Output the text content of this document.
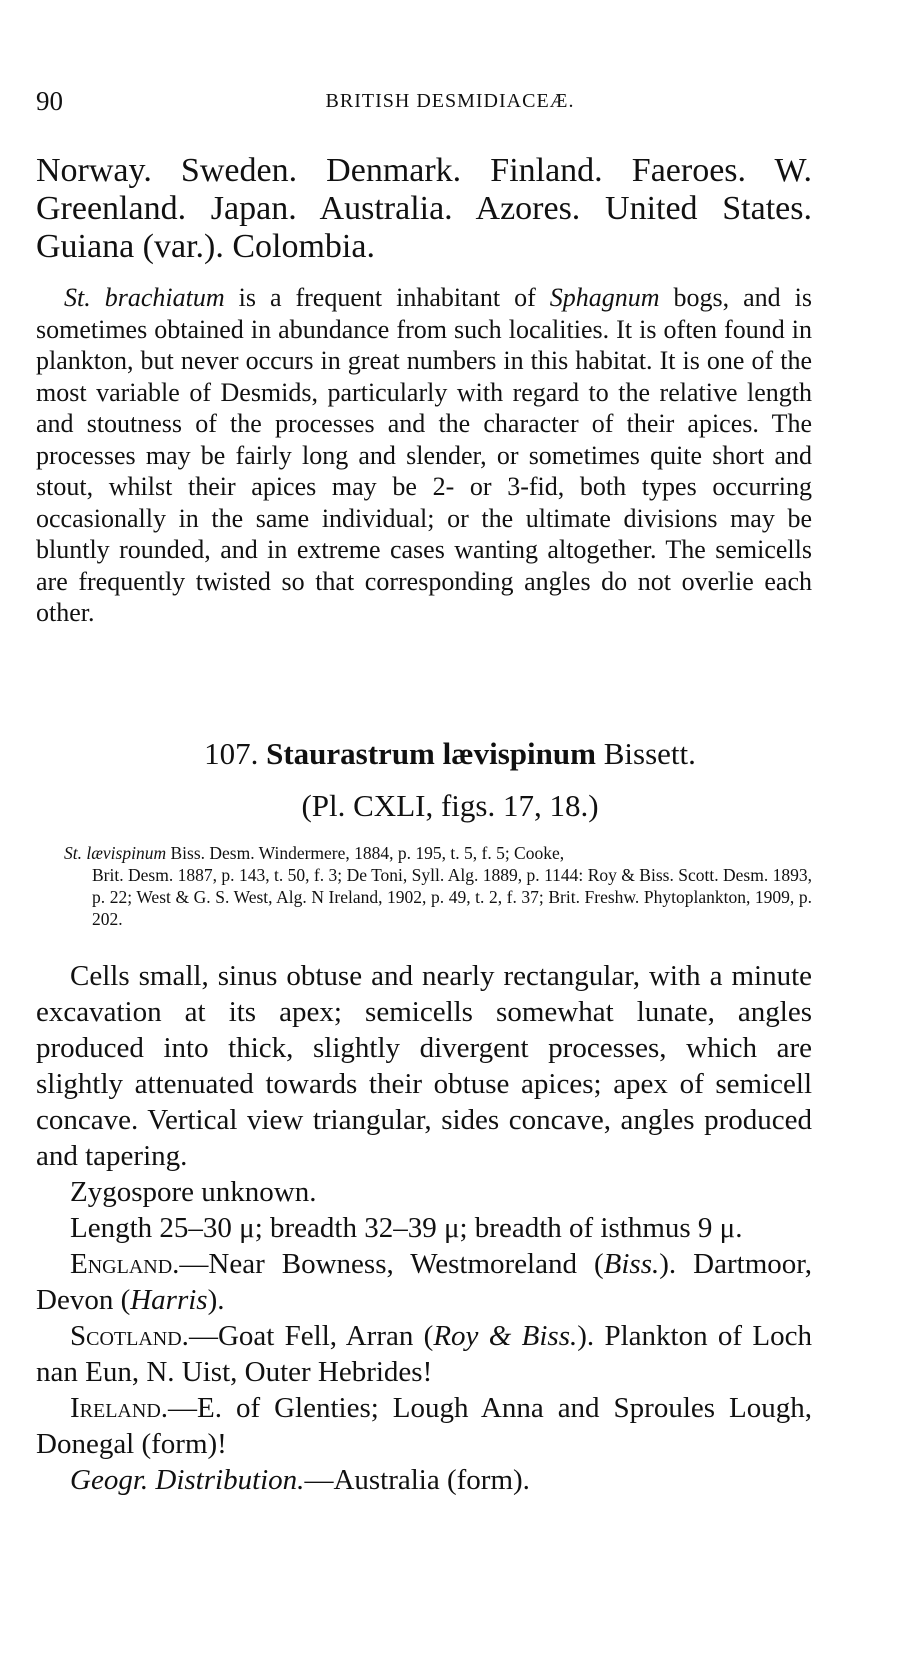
90	BRITISH DESMIDIACEÆ.
Norway. Sweden. Denmark. Finland. Faeroes. W. Greenland. Japan. Australia. Azores. United States. Guiana (var.). Colombia.
St. brachiatum is a frequent inhabitant of Sphagnum bogs, and is sometimes obtained in abundance from such localities. It is often found in plankton, but never occurs in great numbers in this habitat. It is one of the most variable of Desmids, particularly with regard to the relative length and stoutness of the processes and the character of their apices. The processes may be fairly long and slender, or sometimes quite short and stout, whilst their apices may be 2- or 3-fid, both types occurring occasionally in the same individual; or the ultimate divisions may be bluntly rounded, and in extreme cases wanting altogether. The semicells are frequently twisted so that corresponding angles do not overlie each other.
107. Staurastrum lævispinum Bissett.
(Pl. CXLI, figs. 17, 18.)
St. lævispinum Biss. Desm. Windermere, 1884, p. 195, t. 5, f. 5; Cooke,
Brit. Desm. 1887, p. 143, t. 50, f. 3; De Toni, Syll. Alg. 1889, p. 1144: Roy & Biss. Scott. Desm. 1893, p. 22; West & G. S. West, Alg. N Ireland, 1902, p. 49, t. 2, f. 37; Brit. Freshw. Phytoplankton, 1909, p. 202.

Cells small, sinus obtuse and nearly rectangular, with a minute excavation at its apex; semicells somewhat lunate, angles produced into thick, slightly divergent processes, which are slightly attenuated towards their obtuse apices; apex of semicell concave. Vertical view triangular, sides concave, angles produced and tapering.

Zygospore unknown.

Length 25–30 μ; breadth 32–39 μ; breadth of isthmus 9 μ.

England.—Near Bowness, Westmoreland (Biss.). Dartmoor, Devon (Harris).

Scotland.—Goat Fell, Arran (Roy & Biss.). Plankton of Loch nan Eun, N. Uist, Outer Hebrides!

Ireland.—E. of Glenties; Lough Anna and Sproules Lough, Donegal (form)!

Geogr. Distribution.—Australia (form).
